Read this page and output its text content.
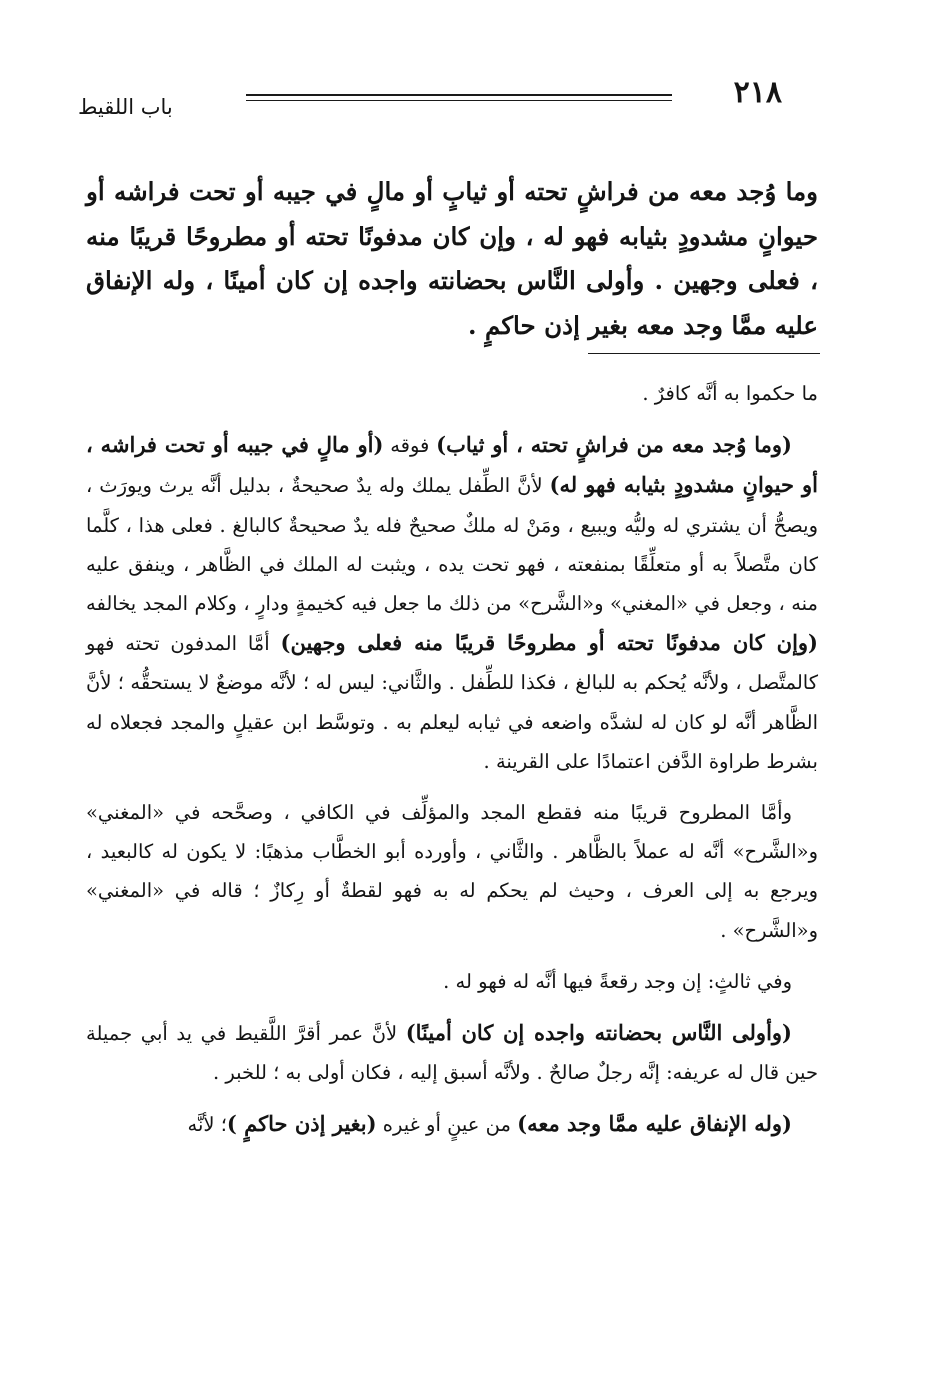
٢١٨
باب اللقيط

وما وُجد معه من فراشٍ تحته أو ثيابٍ أو مالٍ في جيبه أو تحت فراشه أو حيوانٍ مشدودٍ بثيابه فهو له ، وإن كان مدفونًا تحته أو مطروحًا قريبًا منه ، فعلى وجهين . وأولى النَّاس بحضانته واجده إن كان أمينًا ، وله الإنفاق عليه ممَّا وجد معه بغير إذن حاكمٍ .

ما حكموا به أنَّه كافرٌ .

(وما وُجد معه من فراشٍ تحته ، أو ثياب) فوقه (أو مالٍ في جيبه أو تحت فراشه ، أو حيوانٍ مشدودٍ بثيابه فهو له) لأنَّ الطِّفل يملك وله يدٌ صحيحةٌ ، بدليل أنَّه يرث ويورَث ، ويصحُّ أن يشتري له وليُّه ويبيع ، ومَنْ له ملكٌ صحيحٌ فله يدٌ صحيحةٌ كالبالغ . فعلى هذا ، كلَّما كان متَّصلاً به أو متعلِّقًا بمنفعته ، فهو تحت يده ، ويثبت له الملك في الظَّاهر ، وينفق عليه منه ، وجعل في «المغني» و«الشَّرح» من ذلك ما جعل فيه كخيمةٍ ودارٍ ، وكلام المجد يخالفه (وإن كان مدفونًا تحته أو مطروحًا قريبًا منه فعلى وجهين) أمَّا المدفون تحته فهو كالمتَّصل ، ولأنَّه يُحكم به للبالغ ، فكذا للطِّفل . والثَّاني: ليس له ؛ لأنَّه موضعٌ لا يستحقُّه ؛ لأنَّ الظَّاهر أنَّه لو كان له لشدَّه واضعه في ثيابه ليعلم به . وتوسَّط ابن عقيلٍ والمجد فجعلاه له بشرط طراوة الدَّفن اعتمادًا على القرينة .

وأمَّا المطروح قريبًا منه فقطع المجد والمؤلِّف في الكافي ، وصحَّحه في «المغني» و«الشَّرح» أنَّه له عملاً بالظَّاهر . والثَّاني ، وأورده أبو الخطَّاب مذهبًا: لا يكون له كالبعيد ، ويرجع به إلى العرف ، وحيث لم يحكم له به فهو لقطةٌ أو رِكازٌ ؛ قاله في «المغني» و«الشَّرح» .

وفي ثالثٍ: إن وجد رقعةً فيها أنَّه له فهو له .

(وأولى النَّاس بحضانته واجده إن كان أمينًا) لأنَّ عمر أقرَّ اللَّقيط في يد أبي جميلة حين قال له عريفه: إنَّه رجلٌ صالحٌ . ولأنَّه أسبق إليه ، فكان أولى به ؛ للخبر .

(وله الإنفاق عليه ممَّا وجد معه) من عينٍ أو غيره (بغير إذن حاكمٍ )؛ لأنَّه
